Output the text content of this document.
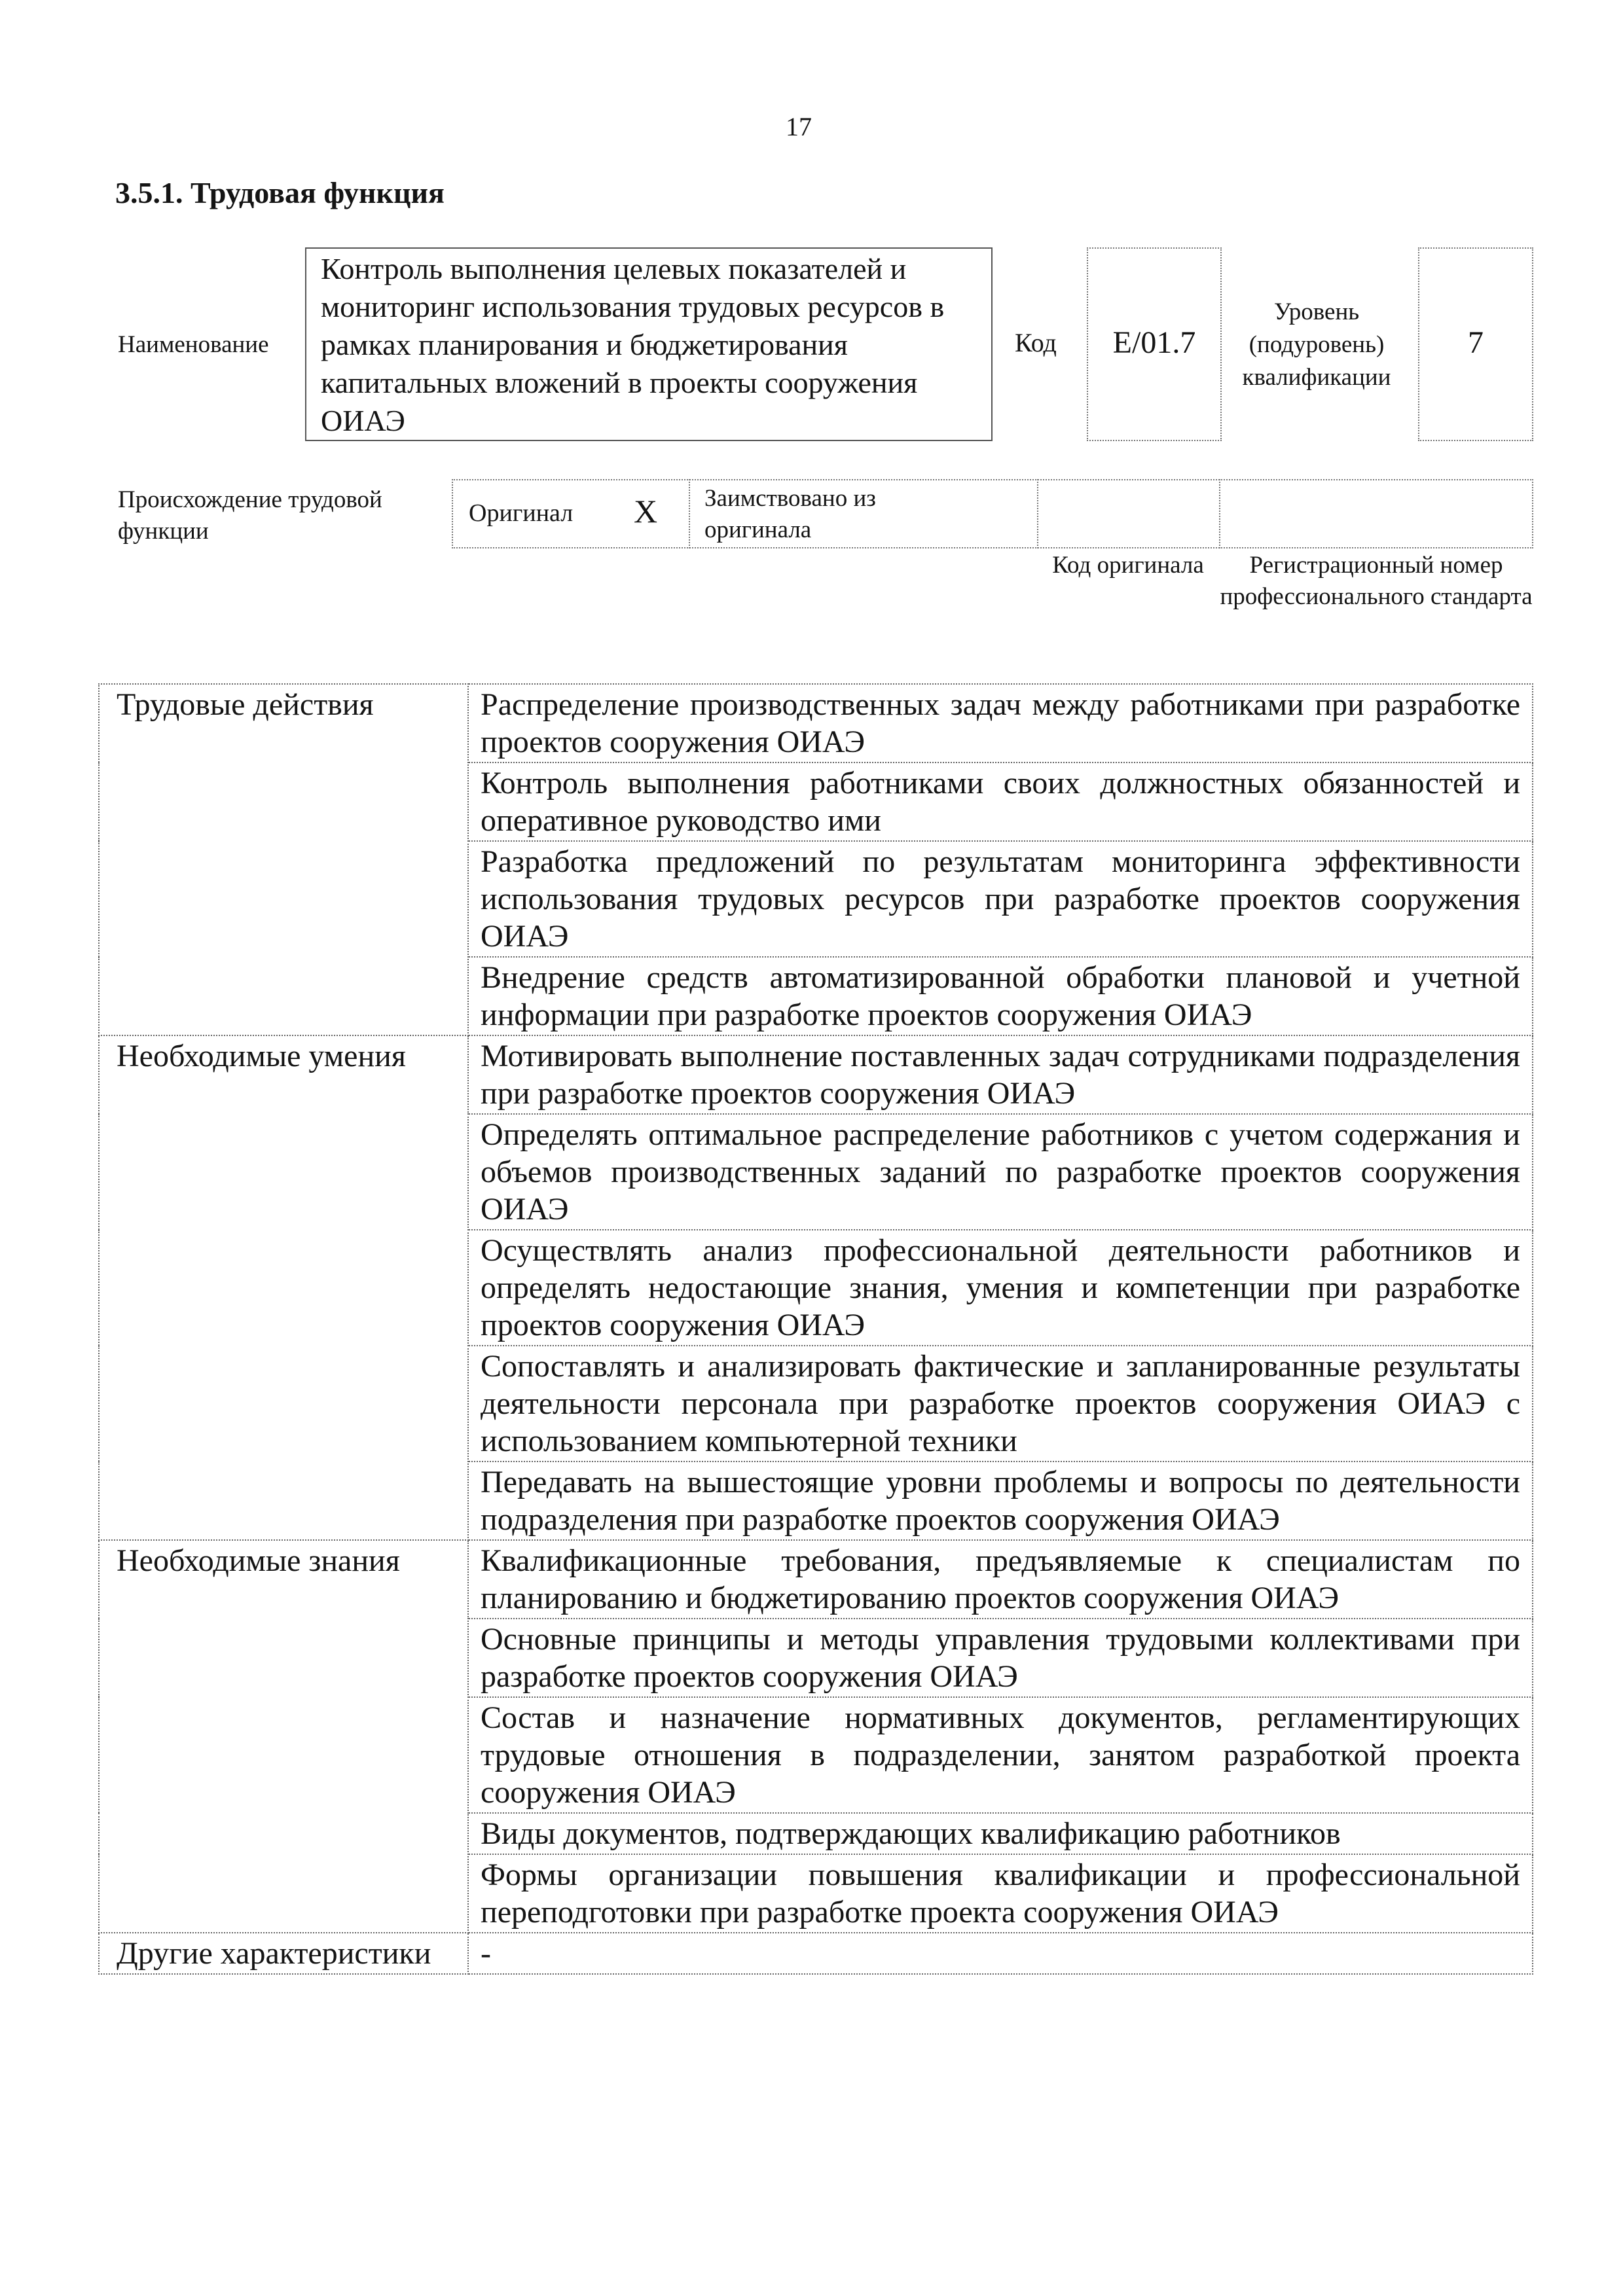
17
3.5.1. Трудовая функция
Наименование
Контроль выполнения целевых показателей и мониторинг использования трудовых ресурсов в рамках планирования и бюджетирования капитальных вложений в проекты сооружения ОИАЭ
Код	E/01.7
Уровень (подуровень) квалификации
7
Происхождение трудовой функции
Оригинал X Заимствовано из оригинала
Код оригинала	Регистрационный номер профессионального стандарта
Трудовые действия	Распределение производственных задач между работниками при разработке проектов сооружения ОИАЭ
	Контроль выполнения работниками своих должностных обязанностей и оперативное руководство ими
	Разработка предложений по результатам мониторинга эффективности использования трудовых ресурсов при разработке проектов сооружения ОИАЭ
	Внедрение средств автоматизированной обработки плановой и учетной информации при разработке проектов сооружения ОИАЭ
Необходимые умения	Мотивировать выполнение поставленных задач сотрудниками подразделения при разработке проектов сооружения ОИАЭ
	Определять оптимальное распределение работников с учетом содержания и объемов производственных заданий по разработке проектов сооружения ОИАЭ
	Осуществлять анализ профессиональной деятельности работников и определять недостающие знания, умения и компетенции при разработке проектов сооружения ОИАЭ
	Сопоставлять и анализировать фактические и запланированные результаты деятельности персонала при разработке проектов сооружения ОИАЭ с использованием компьютерной техники
	Передавать на вышестоящие уровни проблемы и вопросы по деятельности подразделения при разработке проектов сооружения ОИАЭ
Необходимые знания	Квалификационные требования, предъявляемые к специалистам по планированию и бюджетированию проектов сооружения ОИАЭ
	Основные принципы и методы управления трудовыми коллективами при разработке проектов сооружения ОИАЭ
	Состав и назначение нормативных документов, регламентирующих трудовые отношения в подразделении, занятом разработкой проекта сооружения ОИАЭ
	Виды документов, подтверждающих квалификацию работников
	Формы организации повышения квалификации и профессиональной переподготовки при разработке проекта сооружения ОИАЭ
Другие характеристики	-
